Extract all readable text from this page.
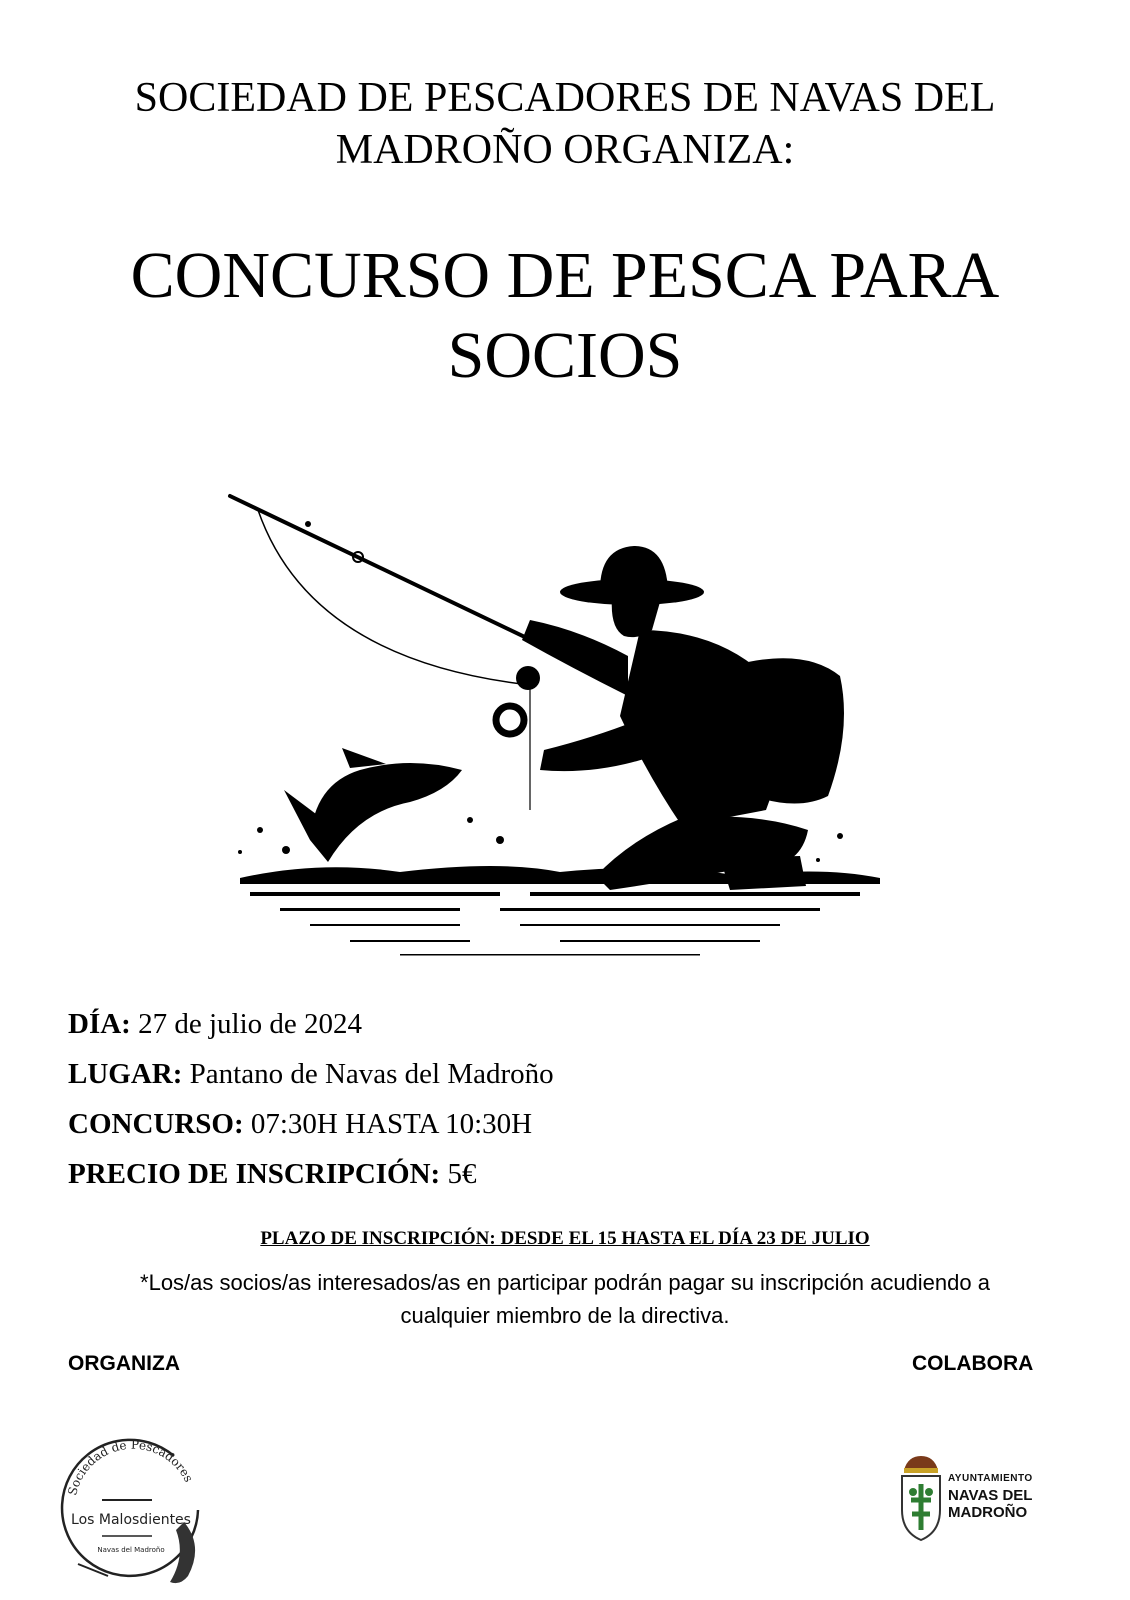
SOCIEDAD DE PESCADORES DE NAVAS DEL
MADROÑO ORGANIZA:
CONCURSO DE PESCA PARA
SOCIOS
DÍA: 27 de julio de 2024
LUGAR: Pantano de Navas del Madroño
CONCURSO: 07:30H HASTA 10:30H
PRECIO DE INSCRIPCIÓN: 5€
PLAZO DE INSCRIPCIÓN: DESDE EL 15 HASTA EL DÍA 23 DE JULIO
*Los/as socios/as interesados/as en participar podrán pagar su inscripción acudiendo a
cualquier miembro de la directiva.
ORGANIZA	COLABORA
Sociedad de Pescadores
Los Malosdientes
Navas del Madroño
AYUNTAMIENTO
NAVAS DEL
MADROÑO
